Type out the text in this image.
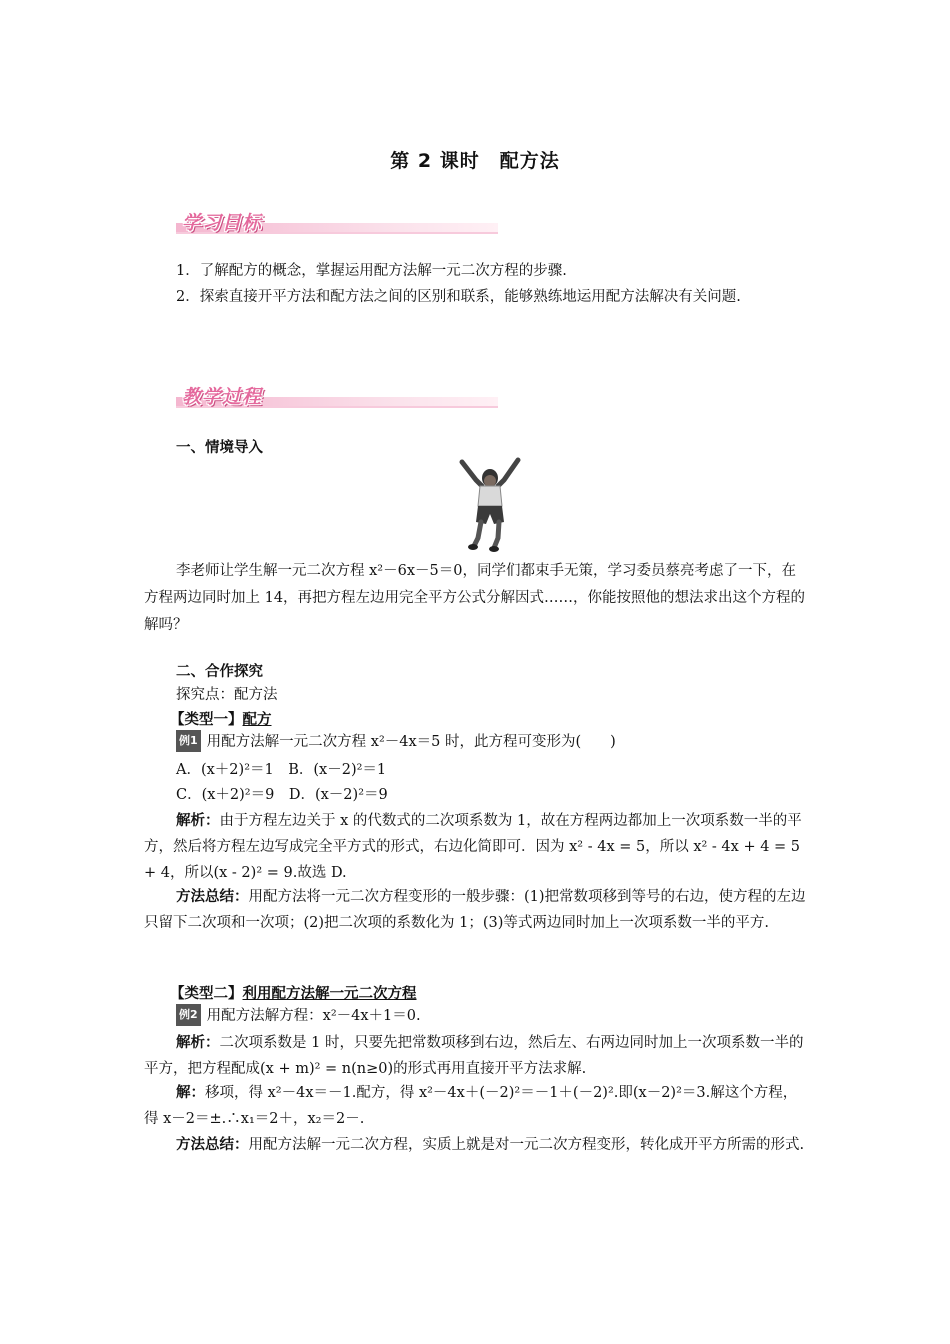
第 2 课时　配方法
学习目标
1．了解配方的概念，掌握运用配方法解一元二次方程的步骤.
2．探索直接开平方法和配方法之间的区别和联系，能够熟练地运用配方法解决有关问题.
教学过程
一、情境导入
李老师让学生解一元二次方程 x²－6x－5＝0，同学们都束手无策，学习委员蔡亮考虑了一下，在方程两边同时加上 14，再把方程左边用完全平方公式分解因式……，你能按照他的想法求出这个方程的解吗？
二、合作探究
探究点：配方法
【类型一】配方
例1 用配方法解一元二次方程 x²－4x＝5 时，此方程可变形为(　　)
A．(x＋2)²＝1　B．(x－2)²＝1
C．(x＋2)²＝9　D．(x－2)²＝9
解析：由于方程左边关于 x 的代数式的二次项系数为 1，故在方程两边都加上一次项系数一半的平方，然后将方程左边写成完全平方式的形式，右边化简即可．因为 x² - 4x = 5，所以 x² - 4x + 4 = 5 + 4，所以(x - 2)² = 9.故选 D.
方法总结：用配方法将一元二次方程变形的一般步骤：(1)把常数项移到等号的右边，使方程的左边只留下二次项和一次项；(2)把二次项的系数化为 1；(3)等式两边同时加上一次项系数一半的平方.
【类型二】利用配方法解一元二次方程
例2 用配方法解方程：x²－4x＋1＝0.
解析：二次项系数是 1 时，只要先把常数项移到右边，然后左、右两边同时加上一次项系数一半的平方，把方程配成(x + m)² = n(n≥0)的形式再用直接开平方法求解.
解：移项，得 x²－4x＝－1.配方，得 x²－4x＋(－2)²＝－1＋(－2)².即(x－2)²＝3.解这个方程，得 x－2＝±.∴x₁＝2＋，x₂＝2－.
方法总结：用配方法解一元二次方程，实质上就是对一元二次方程变形，转化成开平方所需的形式.
